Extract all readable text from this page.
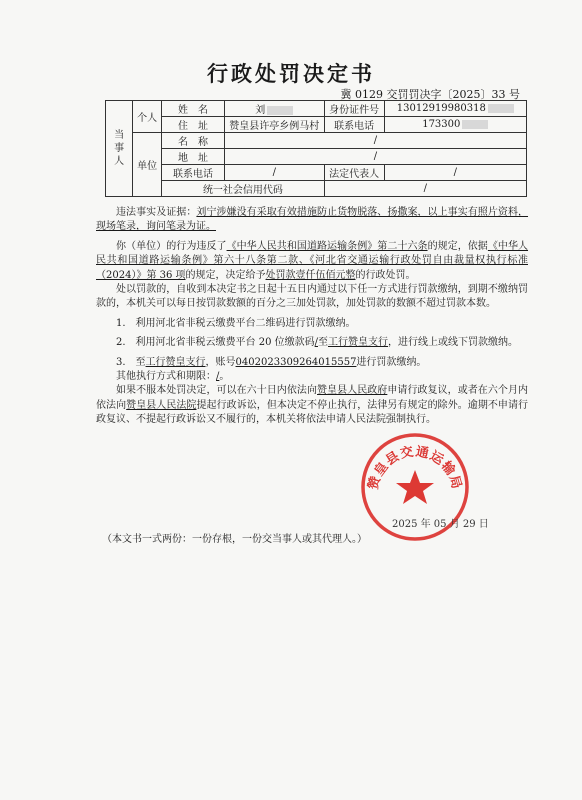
行政处罚决定书
冀 0129 交罚罚决字〔2025〕33 号
当事人	个人	姓　名	刘	身份证件号	13012919980318
		住　址	赞皇县许亭乡例马村	联系电话	173300
	单位	名　称	/		
		地　址	/		
		联系电话	/	法定代表人	/
		统一社会信用代码		/	

违法事实及证据：刘宁涉嫌没有采取有效措施防止货物脱落、扬撒案，以上事实有照片资料，现场笔录，询问笔录为证。

你（单位）的行为违反了《中华人民共和国道路运输条例》第二十六条的规定，依据《中华人民共和国道路运输条例》第六十八条第二款、《河北省交通运输行政处罚自由裁量权执行标准（2024）》第 36 项的规定，决定给予处罚款壹仟伍佰元整的行政处罚。

处以罚款的，自收到本决定书之日起十五日内通过以下任一方式进行罚款缴纳，到期不缴纳罚款的，本机关可以每日按罚款数额的百分之三加处罚款，加处罚款的数额不超过罚款本数。

1.　利用河北省非税云缴费平台二维码进行罚款缴纳。

2.　利用河北省非税云缴费平台 20 位缴款码/至工行赞皇支行，进行线上或线下罚款缴纳。

3.　至工行赞皇支行，账号0402023309264015557进行罚款缴纳。

其他执行方式和期限：/。

如果不服本处罚决定，可以在六十日内依法向赞皇县人民政府申请行政复议，或者在六个月内依法向赞皇县人民法院提起行政诉讼，但本决定不停止执行，法律另有规定的除外。逾期不申请行政复议、不提起行政诉讼又不履行的，本机关将依法申请人民法院强制执行。

赞皇县交通运输局
2025 年 05 月 29 日
（本文书一式两份：一份存根，一份交当事人或其代理人。）
